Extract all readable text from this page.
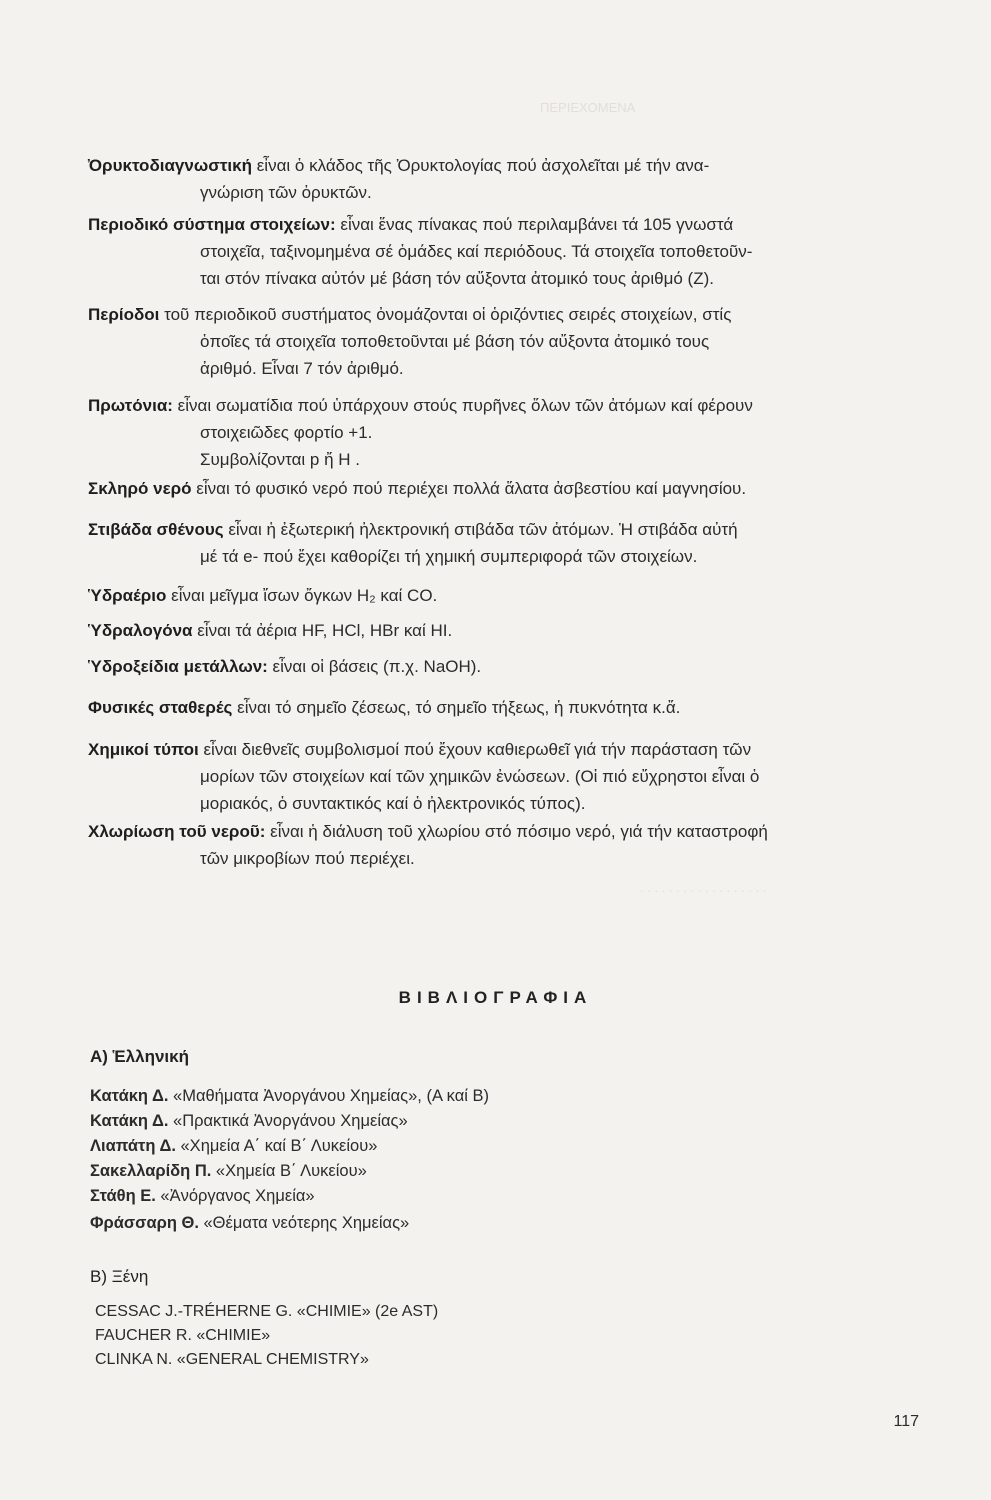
ΠΕΡΙΕΧΟΜΕΝΑ
. . . . . . . . . . . . . . . . . .
Ὀρυκτοδιαγνωστική εἶναι ὁ κλάδος τῆς Ὀρυκτολογίας πού ἀσχολεῖται μέ τήν ανα-
γνώριση τῶν ὀρυκτῶν.
Περιοδικό σύστημα στοιχείων: εἶναι ἕνας πίνακας πού περιλαμβάνει τά 105 γνωστά
στοιχεῖα, ταξινομημένα σέ ὁμάδες καί περιόδους. Τά στοιχεῖα τοποθετοῦν-
ται στόν πίνακα αὐτόν μέ βάση τόν αὔξοντα ἀτομικό τους ἀριθμό (Ζ).
Περίοδοι τοῦ περιοδικοῦ συστήματος ὀνομάζονται οἱ ὁριζόντιες σειρές στοιχείων, στίς
ὁποῖες τά στοιχεῖα τοποθετοῦνται μέ βάση τόν αὔξοντα ἀτομικό τους
ἀριθμό. Εἶναι 7 τόν ἀριθμό.
Πρωτόνια: εἶναι σωματίδια πού ὑπάρχουν στούς πυρῆνες ὅλων τῶν ἀτόμων καί φέρουν
στοιχειῶδες φορτίο +1.
Συμβολίζονται p ἤ Η .
Σκληρό νερό εἶναι τό φυσικό νερό πού περιέχει πολλά ἅλατα ἀσβεστίου καί μαγνησίου.
Στιβάδα σθένους εἶναι ἡ ἐξωτερική ἠλεκτρονική στιβάδα τῶν ἀτόμων. Ἡ στιβάδα αὐτή
μέ τά e- πού ἔχει καθορίζει τή χημική συμπεριφορά τῶν στοιχείων.
Ὑδραέριο εἶναι μεῖγμα ἴσων ὄγκων H₂ καί CO.
Ὑδραλογόνα εἶναι τά ἀέρια HF, HCl, HBr καί HI.
Ὑδροξείδια μετάλλων: εἶναι οἱ βάσεις (π.χ. NaOH).
Φυσικές σταθερές εἶναι τό σημεῖο ζέσεως, τό σημεῖο τήξεως, ἡ πυκνότητα κ.ἄ.
Χημικοί τύποι εἶναι διεθνεῖς συμβολισμοί πού ἔχουν καθιερωθεῖ γιά τήν παράσταση τῶν
μορίων τῶν στοιχείων καί τῶν χημικῶν ἐνώσεων. (Οἱ πιό εὔχρηστοι εἶναι ὁ
μοριακός, ὁ συντακτικός καί ὁ ἠλεκτρονικός τύπος).
Χλωρίωση τοῦ νεροῦ: εἶναι ἡ διάλυση τοῦ χλωρίου στό πόσιμο νερό, γιά τήν καταστροφή
τῶν μικροβίων πού περιέχει.
ΒΙΒΛΙΟΓΡΑΦΙΑ
Α) Ἑλληνική
Κατάκη Δ. «Μαθήματα Ἀνοργάνου Χημείας», (Α καί Β)
Κατάκη Δ. «Πρακτικά Ἀνοργάνου Χημείας»
Λιαπάτη Δ. «Χημεία Α΄ καί Β΄ Λυκείου»
Σακελλαρίδη Π. «Χημεία Β΄ Λυκείου»
Στάθη Ε. «Ἀνόργανος Χημεία»
Φράσσαρη Θ. «Θέματα νεότερης Χημείας»
Β) Ξένη
CESSAC J.-TRÉHERNE G. «CHIMIE» (2e AST)
FAUCHER R. «CHIMIE»
CLINKA N. «GENERAL CHEMISTRY»
117
